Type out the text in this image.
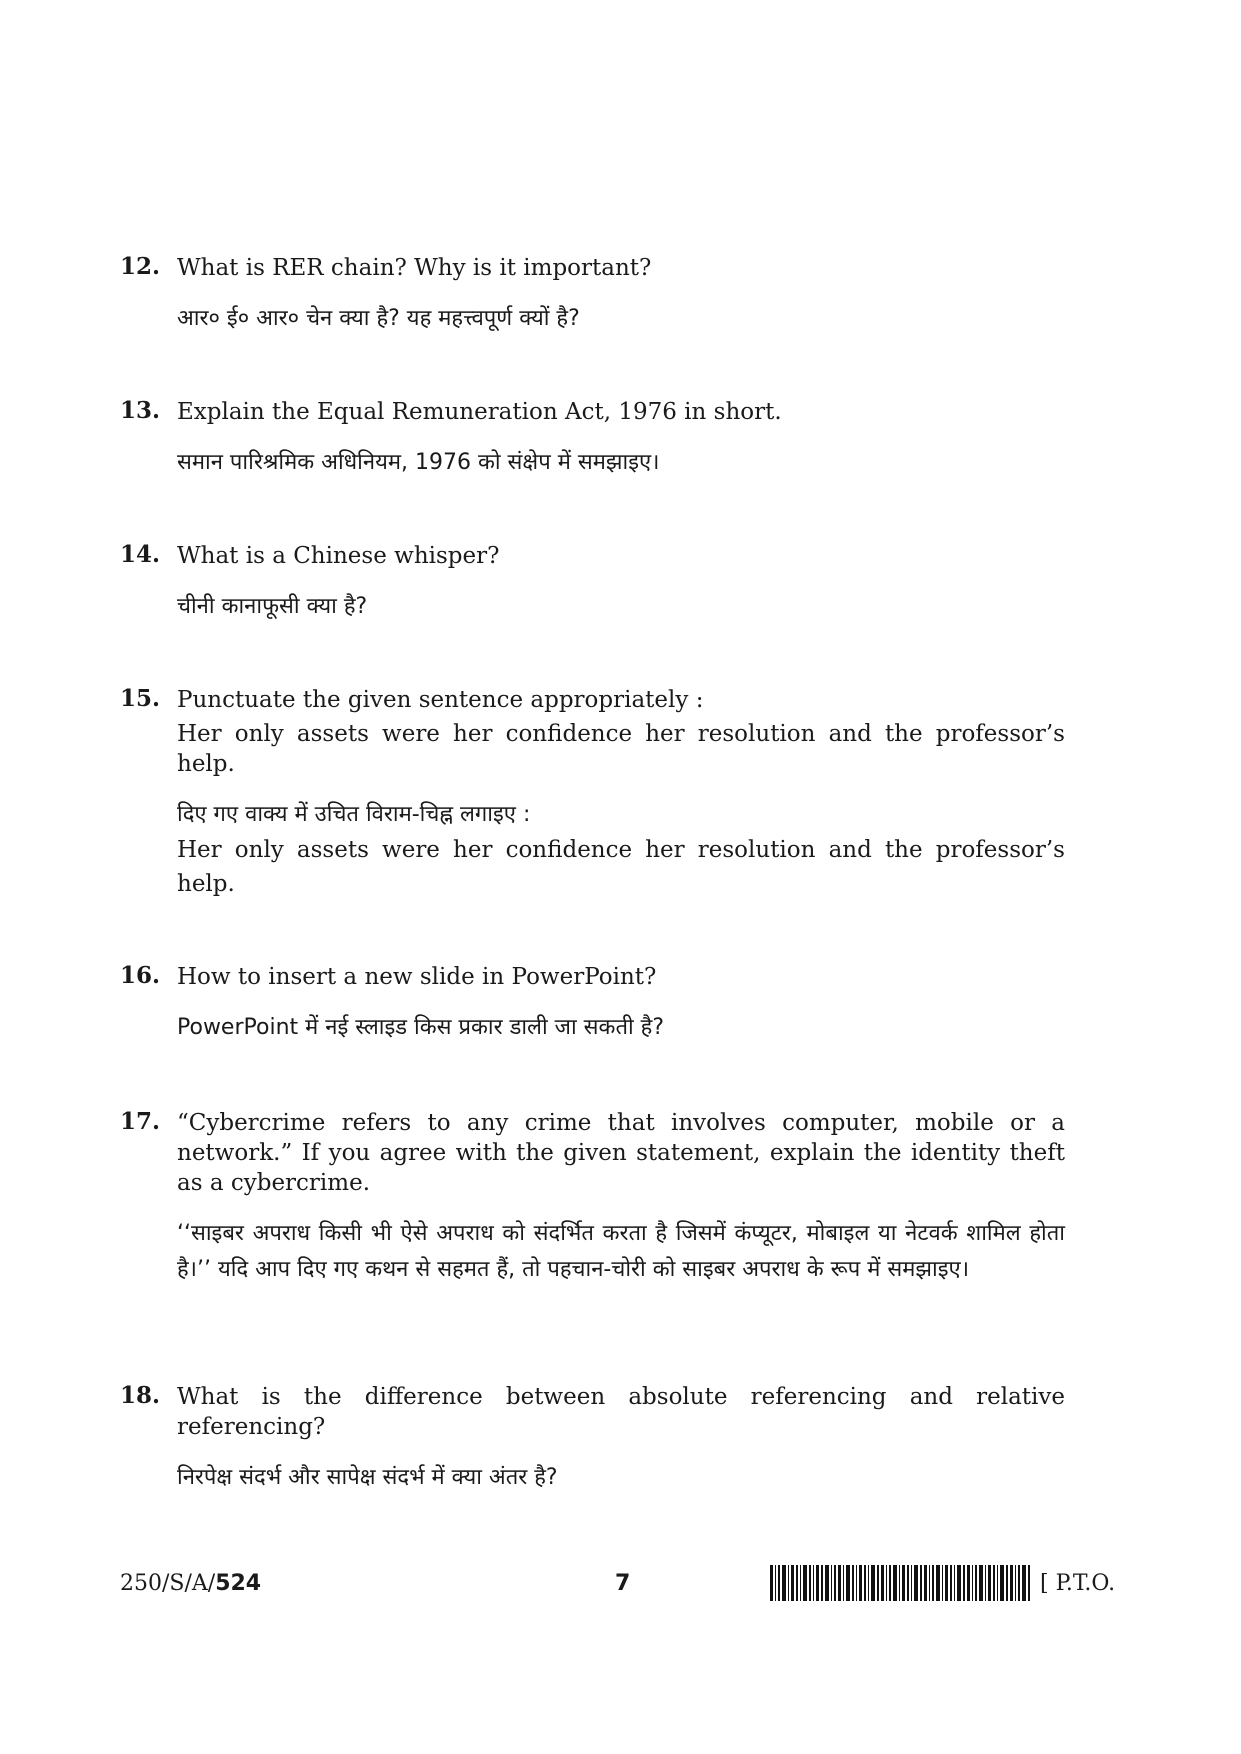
12. What is RER chain? Why is it important?

आर० ई० आर० चेन क्या है? यह महत्त्वपूर्ण क्यों है?

13. Explain the Equal Remuneration Act, 1976 in short.

समान पारिश्रमिक अधिनियम, 1976 को संक्षेप में समझाइए।

14. What is a Chinese whisper?

चीनी कानाफूसी क्या है?

15. Punctuate the given sentence appropriately :

Her only assets were her confidence her resolution and the professor’s help.

दिए गए वाक्य में उचित विराम-चिह्न लगाइए :

Her only assets were her confidence her resolution and the professor’s help.

16. How to insert a new slide in PowerPoint?

PowerPoint में नई स्लाइड किस प्रकार डाली जा सकती है?

17. “Cybercrime refers to any crime that involves computer, mobile or a network.” If you agree with the given statement, explain the identity theft as a cybercrime.

‘‘साइबर अपराध किसी भी ऐसे अपराध को संदर्भित करता है जिसमें कंप्यूटर, मोबाइल या नेटवर्क शामिल होता है।’’ यदि आप दिए गए कथन से सहमत हैं, तो पहचान-चोरी को साइबर अपराध के रूप में समझाइए।

18. What is the difference between absolute referencing and relative referencing?

निरपेक्ष संदर्भ और सापेक्ष संदर्भ में क्या अंतर है?

250/S/A/524	7	[ P.T.O.
